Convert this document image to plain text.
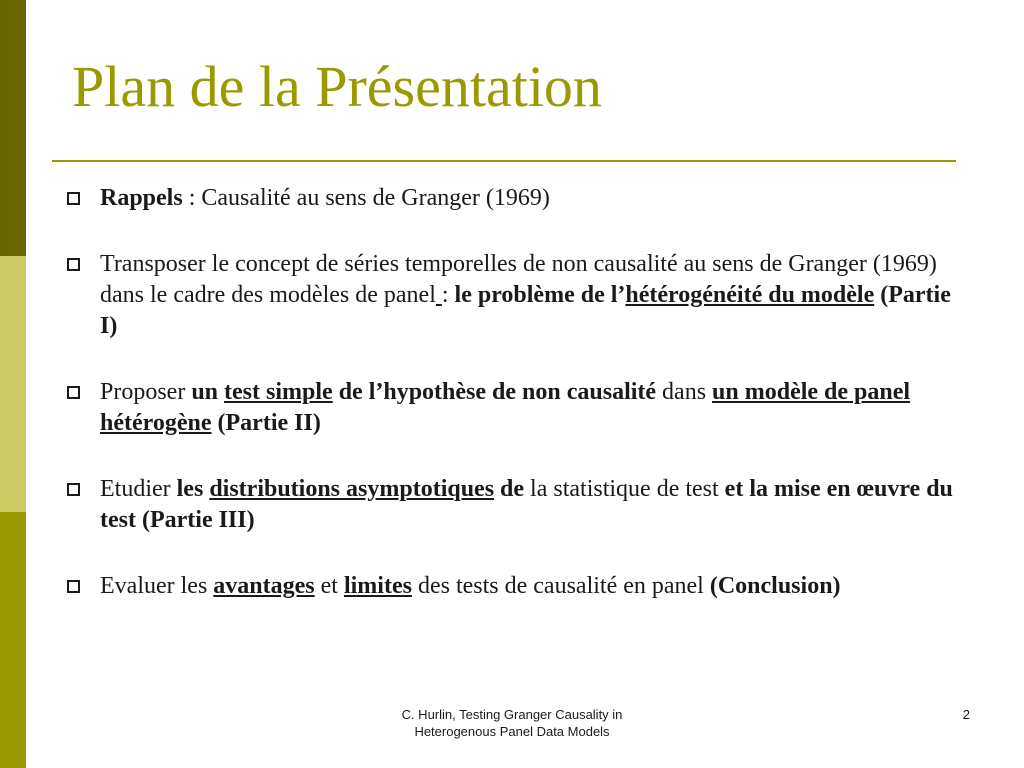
Plan de la Présentation
Rappels : Causalité au sens de Granger (1969)
Transposer le concept de séries temporelles de non causalité au sens de Granger (1969) dans le cadre des modèles de panel : le problème de l’hétérogénéité du modèle (Partie I)
Proposer un test simple de l’hypothèse de non causalité dans un modèle de panel hétérogène (Partie II)
Etudier les distributions asymptotiques de la statistique de test et la mise en œuvre du test (Partie III)
Evaluer les avantages et limites des tests de causalité en panel (Conclusion)
C. Hurlin, Testing Granger Causality in
Heterogenous Panel Data Models
2
